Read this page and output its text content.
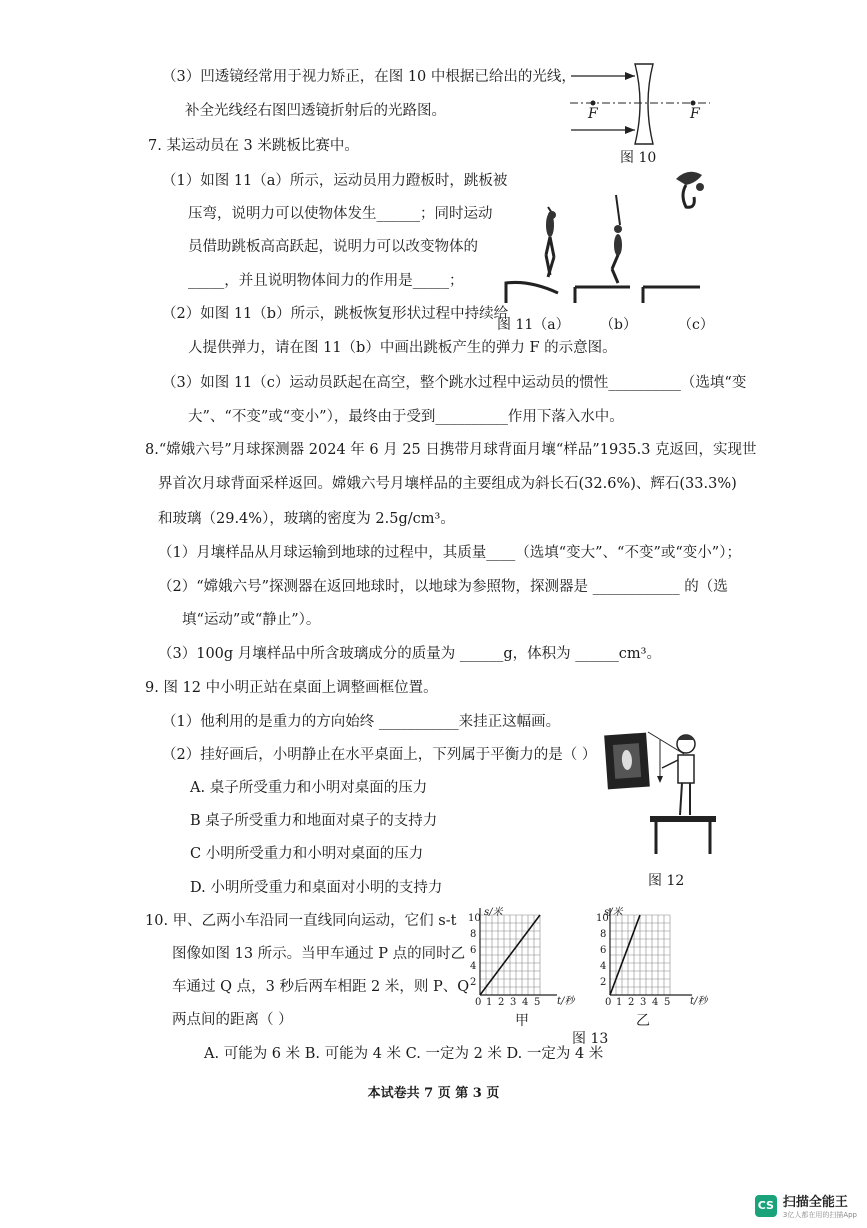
（3）凹透镜经常用于视力矫正，在图 10 中根据已给出的光线，
补全光线经右图凹透镜折射后的光路图。
7. 某运动员在 3 米跳板比赛中。
（1）如图 11（a）所示，运动员用力蹬板时，跳板被
压弯，说明力可以使物体发生______；同时运动
员借助跳板高高跃起，说明力可以改变物体的
_____，并且说明物体间力的作用是_____；
（2）如图 11（b）所示，跳板恢复形状过程中持续给
人提供弹力，请在图 11（b）中画出跳板产生的弹力 F 的示意图。
（3）如图 11（c）运动员跃起在高空，整个跳水过程中运动员的惯性__________（选填“变
大”、“不变”或“变小”），最终由于受到__________作用下落入水中。
8.“嫦娥六号”月球探测器 2024 年 6 月 25 日携带月球背面月壤“样品”1935.3 克返回，实现世
界首次月球背面采样返回。嫦娥六号月壤样品的主要组成为斜长石(32.6%)、辉石(33.3%)
和玻璃（29.4%），玻璃的密度为 2.5g/cm³。
（1）月壤样品从月球运输到地球的过程中，其质量____（选填“变大”、“不变”或“变小”）；
（2）“嫦娥六号”探测器在返回地球时，以地球为参照物，探测器是 ____________ 的（选
填“运动”或“静止”）。
（3）100g 月壤样品中所含玻璃成分的质量为 ______g，体积为 ______cm³。
9. 图 12 中小明正站在桌面上调整画框位置。
（1）他利用的是重力的方向始终 ___________来挂正这幅画。
（2）挂好画后，小明静止在水平桌面上，下列属于平衡力的是（ ）
A. 桌子所受重力和小明对桌面的压力
B 桌子所受重力和地面对桌子的支持力
C 小明所受重力和小明对桌面的压力
D. 小明所受重力和桌面对小明的支持力
10. 甲、乙两小车沿同一直线同向运动，它们 s-t
图像如图 13 所示。当甲车通过 P 点的同时乙
车通过 Q 点，3 秒后两车相距 2 米，则 P、Q
两点间的距离（ ）
A. 可能为 6 米 B. 可能为 4 米 C. 一定为 2 米 D. 一定为 4 米
F	F
图 10
图 11（a） （b）	（c）
图 12
s/米
t/秒
甲
10
8
6
4
2
0 1 2 3 4 5
s/米
t/秒
乙
10
8
6
4
2
0 1 2 3 4 5
图 13
本试卷共 7 页 第 3 页
CS 扫描全能王
3亿人都在用的扫描App
